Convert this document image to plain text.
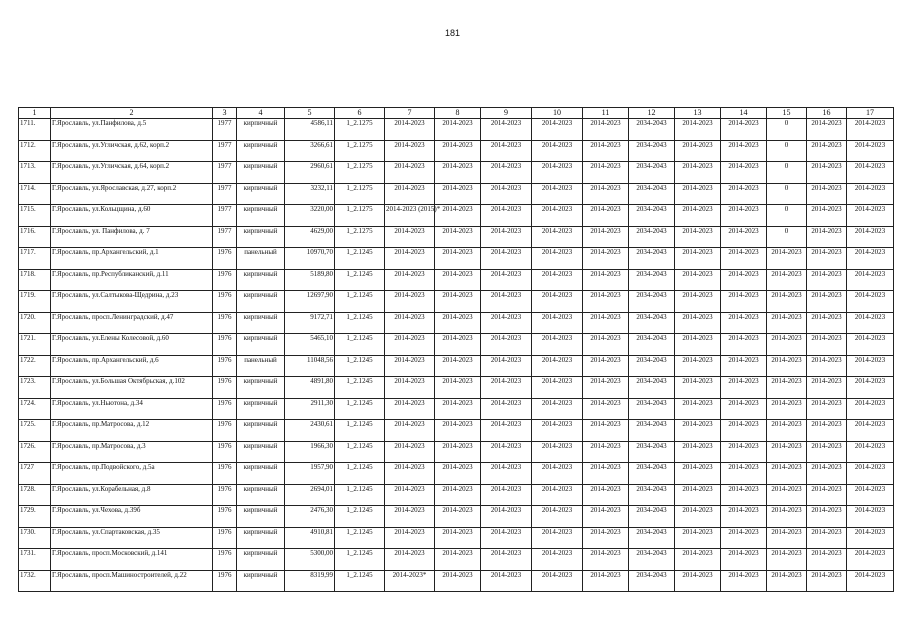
181
1	2	3	4	5	6	7	8	9	10	11	12	13	14	15	16	17
1711.	Г.Ярославль, ул.Панфилова, д.5	1977	кирпичный	4586,11	1_2.1275	2014-2023	2014-2023	2014-2023	2014-2023	2014-2023	2034-2043	2014-2023	2014-2023	0	2014-2023	2014-2023
1712.	Г.Ярославль, ул.Угличская, д.62, корп.2	1977	кирпичный	3266,61	1_2.1275	2014-2023	2014-2023	2014-2023	2014-2023	2014-2023	2034-2043	2014-2023	2014-2023	0	2014-2023	2014-2023
1713.	Г.Ярославль, ул.Угличская, д.64, корп.2	1977	кирпичный	2960,61	1_2.1275	2014-2023	2014-2023	2014-2023	2014-2023	2014-2023	2034-2043	2014-2023	2014-2023	0	2014-2023	2014-2023
1714.	Г.Ярославль, ул.Ярославская, д.27, корп.2	1977	кирпичный	3232,11	1_2.1275	2014-2023	2014-2023	2014-2023	2014-2023	2014-2023	2034-2043	2014-2023	2014-2023	0	2014-2023	2014-2023
1715.	Г.Ярославль, ул.Кольцщина, д.60	1977	кирпичный	3220,00	1_2.1275	2014-2023 (2015)*	2014-2023	2014-2023	2014-2023	2014-2023	2034-2043	2014-2023	2014-2023	0	2014-2023	2014-2023
1716.	Г.Ярославль, ул. Панфилова, д. 7	1977	кирпичный	4629,00	1_2.1275	2014-2023	2014-2023	2014-2023	2014-2023	2014-2023	2034-2043	2014-2023	2014-2023	0	2014-2023	2014-2023
1717.	Г.Ярославль, пр.Архангельский, д.1	1976	панельный	10970,70	1_2.1245	2014-2023	2014-2023	2014-2023	2014-2023	2014-2023	2034-2043	2014-2023	2014-2023	2014-2023	2014-2023	2014-2023
1718.	Г.Ярославль, пр.Республиканский, д.11	1976	кирпичный	5189,80	1_2.1245	2014-2023	2014-2023	2014-2023	2014-2023	2014-2023	2034-2043	2014-2023	2014-2023	2014-2023	2014-2023	2014-2023
1719.	Г.Ярославль, ул.Салтыкова-Щедрина, д.23	1976	кирпичный	12697,90	1_2.1245	2014-2023	2014-2023	2014-2023	2014-2023	2014-2023	2034-2043	2014-2023	2014-2023	2014-2023	2014-2023	2014-2023
1720.	Г.Ярославль, просп.Ленинградский, д.47	1976	кирпичный	9172,71	1_2.1245	2014-2023	2014-2023	2014-2023	2014-2023	2014-2023	2034-2043	2014-2023	2014-2023	2014-2023	2014-2023	2014-2023
1721.	Г.Ярославль, ул.Елены Колесовой, д.60	1976	кирпичный	5465,10	1_2.1245	2014-2023	2014-2023	2014-2023	2014-2023	2014-2023	2034-2043	2014-2023	2014-2023	2014-2023	2014-2023	2014-2023
1722.	Г.Ярославль, пр.Архангельский, д.6	1976	панельный	11048,56	1_2.1245	2014-2023	2014-2023	2014-2023	2014-2023	2014-2023	2034-2043	2014-2023	2014-2023	2014-2023	2014-2023	2014-2023
1723.	Г.Ярославль, ул.Большая Октябрьская, д.102	1976	кирпичный	4891,80	1_2.1245	2014-2023	2014-2023	2014-2023	2014-2023	2014-2023	2034-2043	2014-2023	2014-2023	2014-2023	2014-2023	2014-2023
1724.	Г.Ярославль, ул.Ньютона, д.34	1976	кирпичный	2911,30	1_2.1245	2014-2023	2014-2023	2014-2023	2014-2023	2014-2023	2034-2043	2014-2023	2014-2023	2014-2023	2014-2023	2014-2023
1725.	Г.Ярославль, пр.Матросова, д.12	1976	кирпичный	2430,61	1_2.1245	2014-2023	2014-2023	2014-2023	2014-2023	2014-2023	2034-2043	2014-2023	2014-2023	2014-2023	2014-2023	2014-2023
1726.	Г.Ярославль, пр.Матросова, д.3	1976	кирпичный	1966,30	1_2.1245	2014-2023	2014-2023	2014-2023	2014-2023	2014-2023	2034-2043	2014-2023	2014-2023	2014-2023	2014-2023	2014-2023
1727	Г.Ярославль, пр.Подвойского, д.5а	1976	кирпичный	1957,90	1_2.1245	2014-2023	2014-2023	2014-2023	2014-2023	2014-2023	2034-2043	2014-2023	2014-2023	2014-2023	2014-2023	2014-2023
1728.	Г.Ярославль, ул.Корабельная, д.8	1976	кирпичный	2694,01	1_2.1245	2014-2023	2014-2023	2014-2023	2014-2023	2014-2023	2034-2043	2014-2023	2014-2023	2014-2023	2014-2023	2014-2023
1729.	Г.Ярославль, ул.Чехова, д.39б	1976	кирпичный	2476,30	1_2.1245	2014-2023	2014-2023	2014-2023	2014-2023	2014-2023	2034-2043	2014-2023	2014-2023	2014-2023	2014-2023	2014-2023
1730.	Г.Ярославль, ул.Спартаковская, д.35	1976	кирпичный	4910,81	1_2.1245	2014-2023	2014-2023	2014-2023	2014-2023	2014-2023	2034-2043	2014-2023	2014-2023	2014-2023	2014-2023	2014-2023
1731.	Г.Ярославль, просп.Московский, д.141	1976	кирпичный	5300,00	1_2.1245	2014-2023	2014-2023	2014-2023	2014-2023	2014-2023	2034-2043	2014-2023	2014-2023	2014-2023	2014-2023	2014-2023
1732.	Г.Ярославль, просп.Машиностроителей, д.22	1976	кирпичный	8319,99	1_2.1245	2014-2023*	2014-2023	2014-2023	2014-2023	2014-2023	2034-2043	2014-2023	2014-2023	2014-2023	2014-2023	2014-2023
